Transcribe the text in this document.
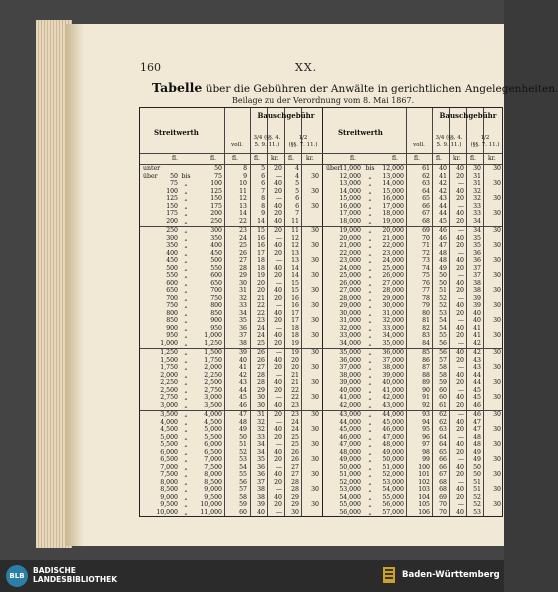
160	XX.
Tabelle über die Gebühren der Anwälte in gerichtlichen Angelegenheiten.
Beilage zu der Verordnung vom 8. Mai 1867.
Streitwerth
Bauschgebühr
voll.
3/4 (§§. 4.
5. 9. 11.)
1/2
(§§. 7. 11.)
Streitwerth
Bauschgebühr
voll.
3/4 (§§. 4.
5. 9. 11.)
1/2
(§§. 7. 11.)
fl.	fl.	fl.	fl. kr. fl. kr.	fl.	fl.	fl.	fl. kr. fl. kr.
unter
über
über
50	8	5	20	4
50 bis	75	9	6	—	4	30
75	„	100	10	6	40	5
100	„	125	11	7	20	5	30
125	„	150	12	8	—	6
150	„	175	13	8	40	6	30
175	„	200	14	9	20	7
200	„	250	22	14	40	11
250	„	300	23	15	20	11	30
300	„	350	24	16	—	12
350	„	400	25	16	40	12	30
400	„	450	26	17	20	13
450	„	500	27	18	—	13	30
500	„	550	28	18	40	14
550	„	600	29	19	20	14	30
600	„	650	30	20	—	15
650	„	700	31	20	40	15	30
700	„	750	32	21	20	16
750	„	800	33	22	—	16	30
800	„	850	34	22	40	17
850	„	900	35	23	20	17	30
900	„	950	36	24	—	18
950	„	1,000	37	24	40	18	30
1,000	„	1,250	38	25	20	19
1,250	„	1,500	39	26	—	19	30
1,500	„	1,750	40	26	40	20
1,750	„	2,000	41	27	20	20	30
2,000	„	2,250	42	28	—	21
2,250	„	2,500	43	28	40	21	30
2,500	„	2,750	44	29	20	22
2,750	„	3,000	45	30	—	22	30
3,000	„	3,500	46	30	40	23
3,500	„	4,000	47	31	20	23	30
4,000	„	4,500	48	32	—	24
4,500	„	5,000	49	32	40	24	30
5,000	„	5,500	50	33	20	25
5,500	„	6,000	51	34	—	25	30
6,000	„	6,500	52	34	40	26
6,500	„	7,000	53	35	20	26	30
7,000	„	7,500	54	36	—	27
7,500	„	8,000	55	36	40	27	30
8,000	„	8,500	56	37	20	28
8,500	„	9,000	57	38	—	28	30
9,000	„	9,500	58	38	40	29
9,500	„	10,000	59	39	20	29	30
10,000	„	11,000	60	40	—	30
11,000 bis	12,000	61	40	40	30	30
12,000	„	13,000	62	41	20	31
13,000	„	14,000	63	42	—	31	30
14,000	„	15,000	64	42	40	32
15,000	„	16,000	65	43	20	32	30
16,000	„	17,000	66	44	—	33
17,000	„	18,000	67	44	40	33	30
18,000	„	19,000	68	45	20	34
19,000	„	20,000	69	46	—	34	30
20,000	„	21,000	70	46	40	35
21,000	„	22,000	71	47	20	35	30
22,000	„	23,000	72	48	—	36
23,000	„	24,000	73	48	40	36	30
24,000	„	25,000	74	49	20	37
25,000	„	26,000	75	50	—	37	30
26,000	„	27,000	76	50	40	38
27,000	„	28,000	77	51	20	38	30
28,000	„	29,000	78	52	—	39
29,000	„	30,000	79	52	40	39	30
30,000	„	31,000	80	53	20	40
31,000	„	32,000	81	54	—	40	30
32,000	„	33,000	82	54	40	41
33,000	„	34,000	83	55	20	41	30
34,000	„	35,000	84	56	—	42
35,000	„	36,000	85	56	40	42	30
36,000	„	37,000	86	57	20	43
37,000	„	38,000	87	58	—	43	30
38,000	„	39,000	88	58	40	44
39,000	„	40,000	89	59	20	44	30
40,000	„	41,000	90	60	—	45
41,000	„	42,000	91	60	40	45	30
42,000	„	43,000	92	61	20	46
43,000	„	44,000	93	62	—	46	30
44,000	„	45,000	94	62	40	47
45,000	„	46,000	95	63	20	47	30
46,000	„	47,000	96	64	—	48
47,000	„	48,000	97	64	40	48	30
48,000	„	49,000	98	65	20	49
49,000	„	50,000	99	66	—	49	30
50,000	„	51,000	100	66	40	50
51,000	„	52,000	101	67	20	50	30
52,000	„	53,000	102	68	—	51
53,000	„	54,000	103	68	40	51	30
54,000	„	55,000	104	69	20	52
55,000	„	56,000	105	70	—	52	30
56,000	„	57,000	106	70	40	53
BLB
BADISCHE
LANDESBIBLIOTHEK	Baden-Württemberg
